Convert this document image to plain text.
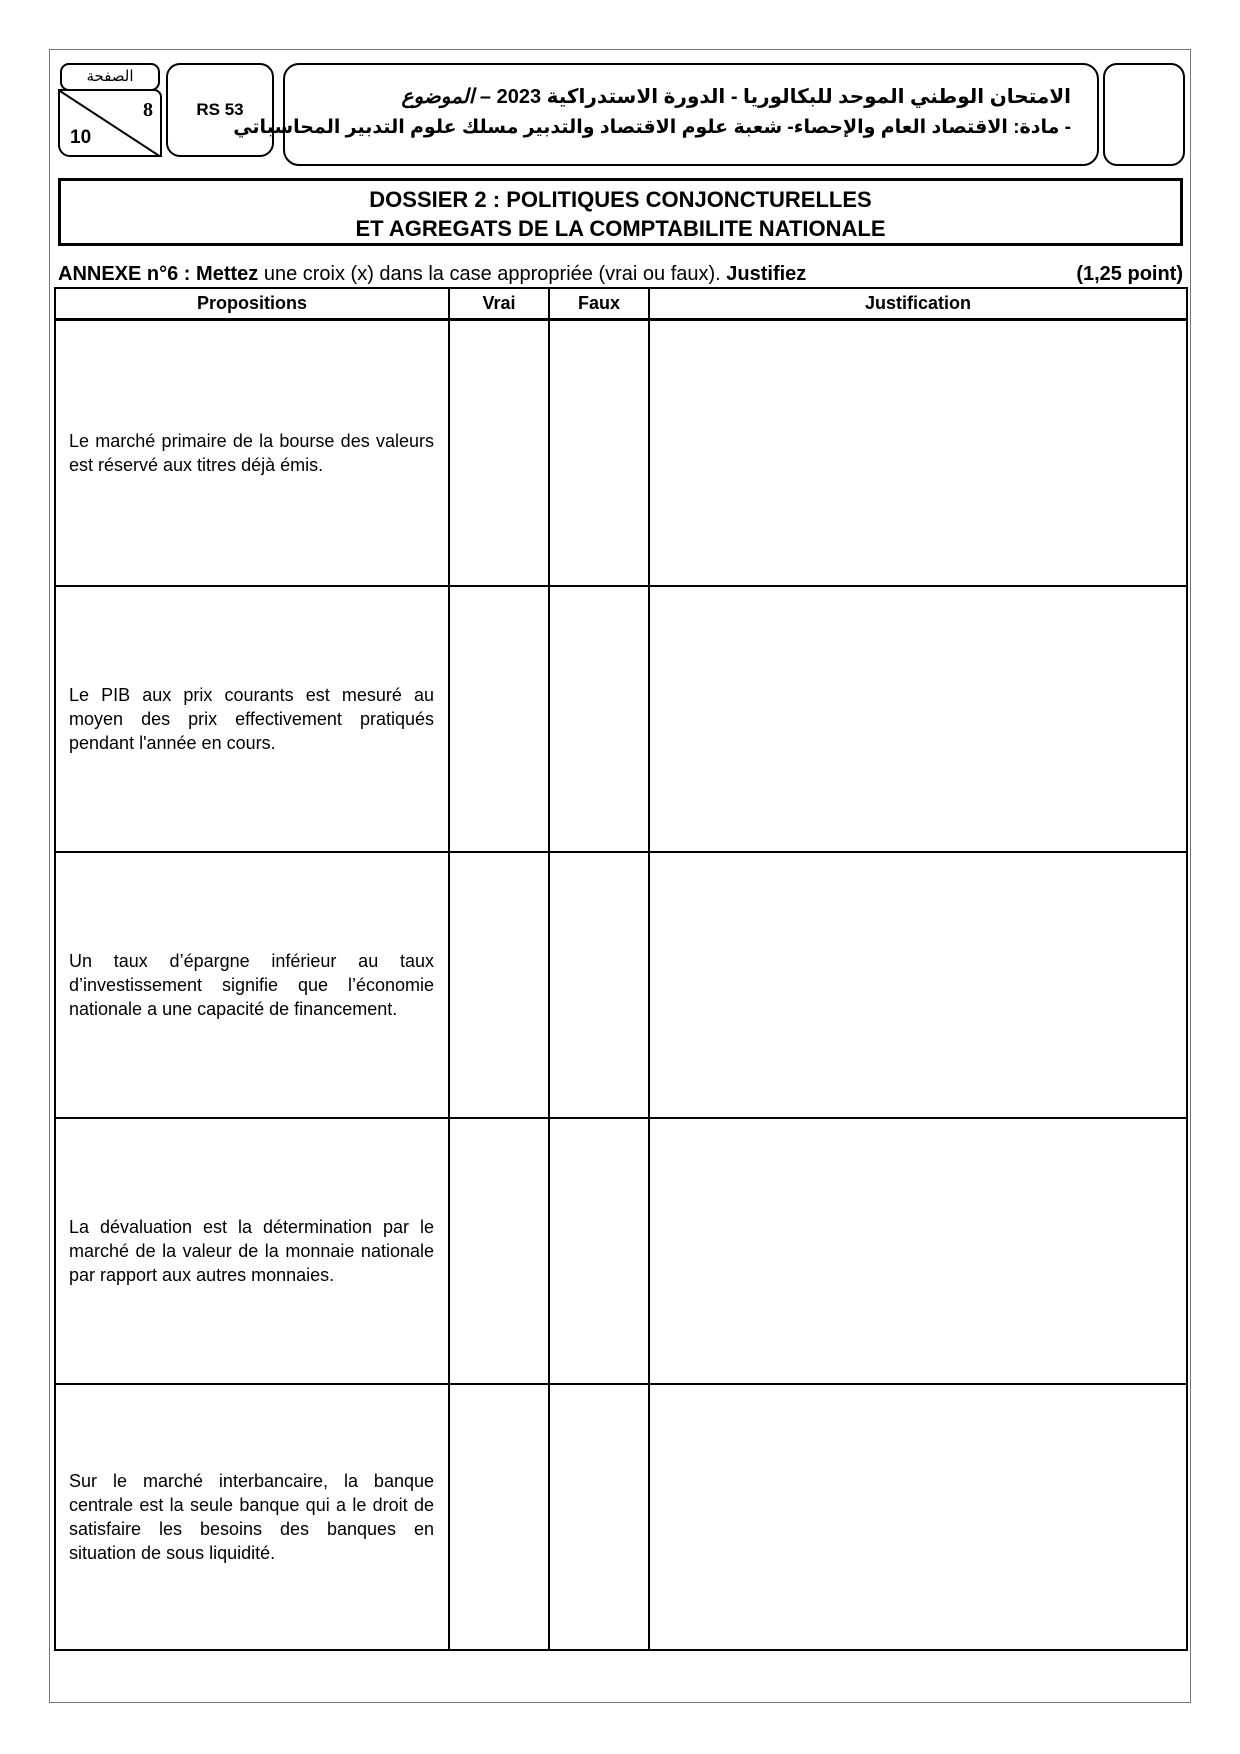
الصفحة
8
10
RS 53
الامتحان الوطني الموحد للبكالوريا - الدورة الاستدراكية 2023 – الموضوع
- مادة: الاقتصاد العام والإحصاء- شعبة علوم الاقتصاد والتدبير مسلك علوم التدبير المحاسباتي
DOSSIER 2 : POLITIQUES CONJONCTURELLES
ET AGREGATS DE LA COMPTABILITE NATIONALE
ANNEXE n°6 : Mettez une croix (x) dans la case appropriée (vrai ou faux). Justifiez	(1,25 point)
Propositions	Vrai	Faux	Justification
Le marché primaire de la bourse des valeurs est réservé aux titres déjà émis.			
Le PIB aux prix courants est mesuré au moyen des prix effectivement pratiqués pendant l'année en cours.			
Un taux d’épargne inférieur au taux d’investissement signifie que l’économie nationale a une capacité de financement.			
La dévaluation est la détermination par le marché de la valeur de la monnaie nationale par rapport aux autres monnaies.			
Sur le marché interbancaire, la banque centrale est la seule banque qui a le droit de satisfaire les besoins des banques en situation de sous liquidité.			
